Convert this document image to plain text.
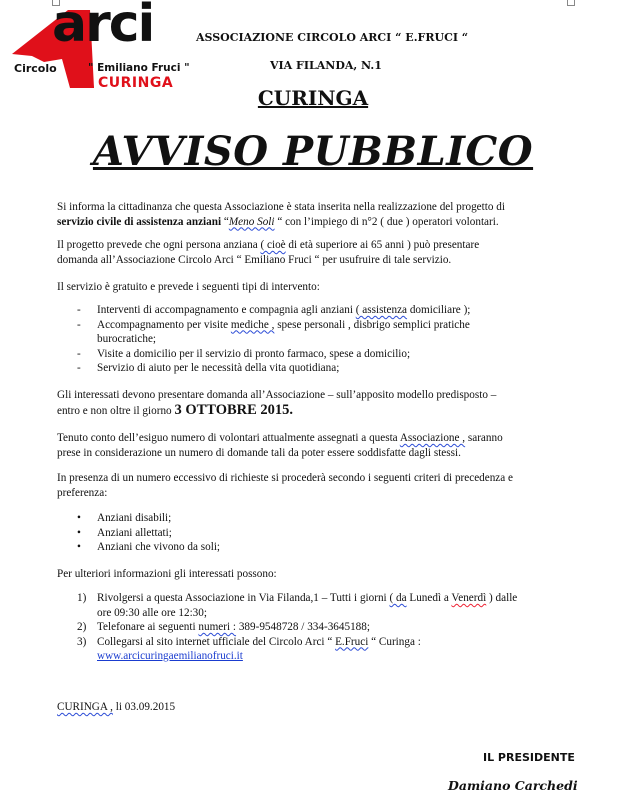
arci
Circolo	" Emiliano Fruci "
CURINGA
ASSOCIAZIONE CIRCOLO ARCI “ E.FRUCI “
VIA FILANDA, N.1
CURINGA
AVVISO PUBBLICO
Si informa la cittadinanza che questa Associazione è stata inserita nella realizzazione del progetto di
servizio civile di assistenza anziani “Meno Soli “ con l’impiego di n°2 ( due ) operatori volontari.
Il progetto prevede che ogni persona anziana ( cioè di età superiore ai 65 anni ) può presentare
domanda all’Associazione Circolo Arci “ Emiliano Fruci “ per usufruire di tale servizio.
Il servizio è gratuito e prevede i seguenti tipi di intervento:
- Interventi di accompagnamento e compagnia agli anziani ( assistenza domiciliare );
- Accompagnamento per visite mediche , spese personali , disbrigo semplici pratiche
burocratiche;
- Visite a domicilio per il servizio di pronto farmaco, spese a domicilio;
- Servizio di aiuto per le necessità della vita quotidiana;
Gli interessati devono presentare domanda all’Associazione – sull’apposito modello predisposto –
entro e non oltre il giorno 3 OTTOBRE 2015.
Tenuto conto dell’esiguo numero di volontari attualmente assegnati a questa Associazione , saranno
prese in considerazione un numero di domande tali da poter essere soddisfatte dagli stessi.
In presenza di un numero eccessivo di richieste si procederà secondo i seguenti criteri di precedenza e
preferenza:
• Anziani disabili;
• Anziani allettati;
• Anziani che vivono da soli;
Per ulteriori informazioni gli interessati possono:
1) Rivolgersi a questa Associazione in Via Filanda,1 – Tutti i giorni ( da Lunedì a Venerdì ) dalle
ore 09:30 alle ore 12:30;
2) Telefonare ai seguenti numeri : 389-9548728 / 334-3645188;
3) Collegarsi al sito internet ufficiale del Circolo Arci “ E.Fruci “ Curinga :
www.arcicuringaemilianofruci.it
CURINGA , li 03.09.2015
IL PRESIDENTE
Damiano Carchedi
